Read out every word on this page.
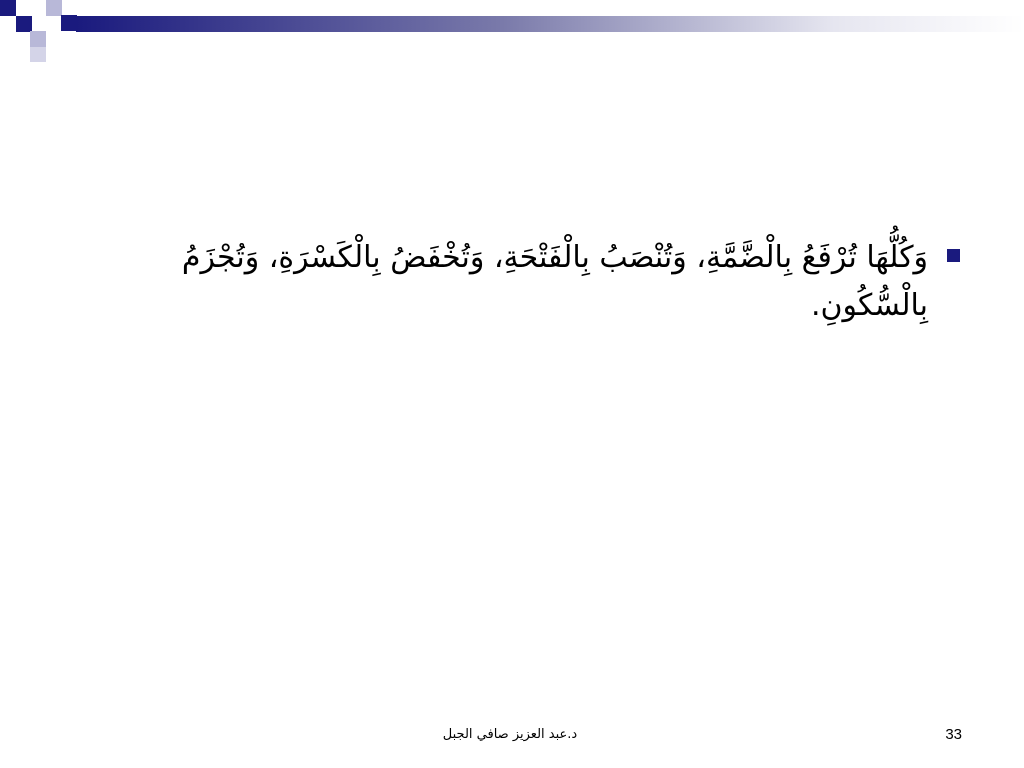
وَكُلُّهَا تُرْفَعُ بِالْضَّمَّةِ، وَتُنْصَبُ بِالْفَتْحَةِ، وَتُخْفَضُ بِالْكَسْرَةِ، وَتُجْزَمُ بِالْسُّكُونِ.
د.عبد العزيز صافي الجبل	33
